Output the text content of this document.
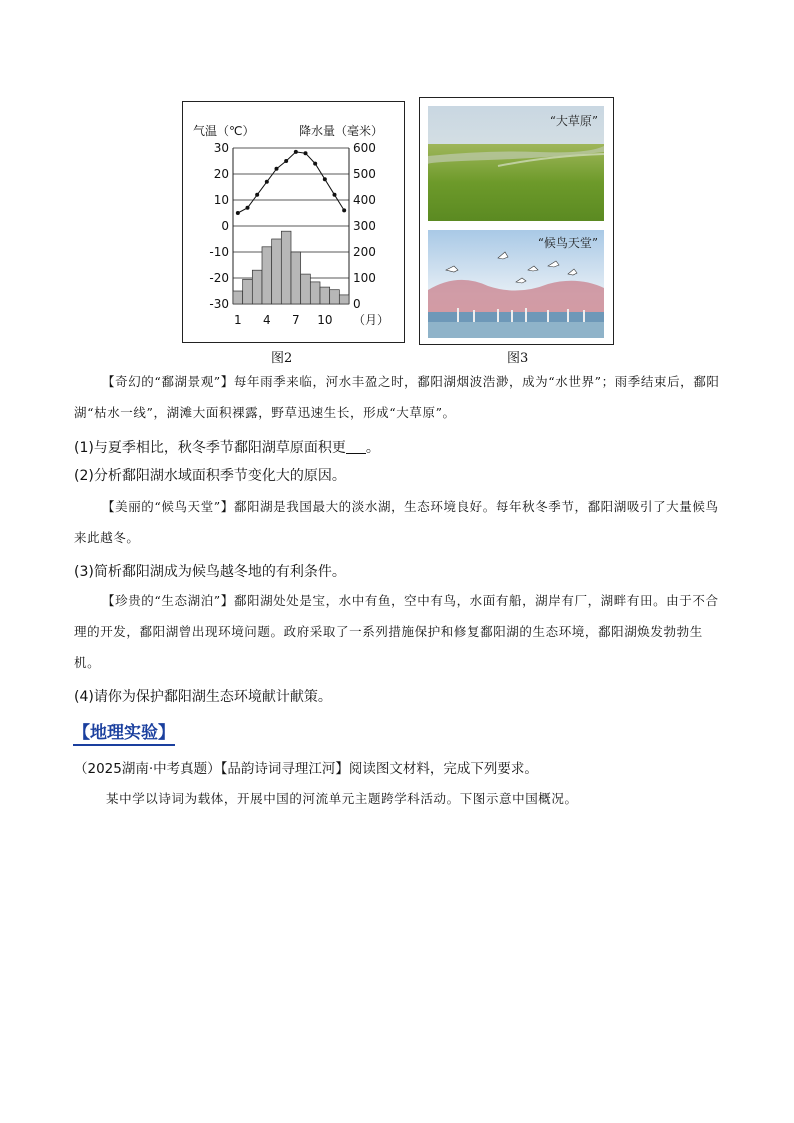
30
20
10
0
-10
-20
-30
600
500
400
300
200
100
0
1 4 7 10 （月）
气温（℃）	降水量（毫米）
图2
“大草原”
“候鸟天堂”
图3
【奇幻的“鄱湖景观”】每年雨季来临，河水丰盈之时，鄱阳湖烟波浩渺，成为“水世界”；雨季结束后，鄱阳湖“枯水一线”，湖滩大面积裸露，野草迅速生长，形成“大草原”。
(1)与夏季相比，秋冬季节鄱阳湖草原面积更 。
(2)分析鄱阳湖水域面积季节变化大的原因。
【美丽的“候鸟天堂”】鄱阳湖是我国最大的淡水湖，生态环境良好。每年秋冬季节，鄱阳湖吸引了大量候鸟来此越冬。
(3)简析鄱阳湖成为候鸟越冬地的有利条件。
【珍贵的“生态湖泊”】鄱阳湖处处是宝，水中有鱼，空中有鸟，水面有船，湖岸有厂，湖畔有田。由于不合理的开发，鄱阳湖曾出现环境问题。政府采取了一系列措施保护和修复鄱阳湖的生态环境，鄱阳湖焕发勃勃生机。
(4)请你为保护鄱阳湖生态环境献计献策。
【地理实验】
（2025湖南·中考真题）【品韵诗词寻理江河】阅读图文材料，完成下列要求。
某中学以诗词为载体，开展中国的河流单元主题跨学科活动。下图示意中国概况。
